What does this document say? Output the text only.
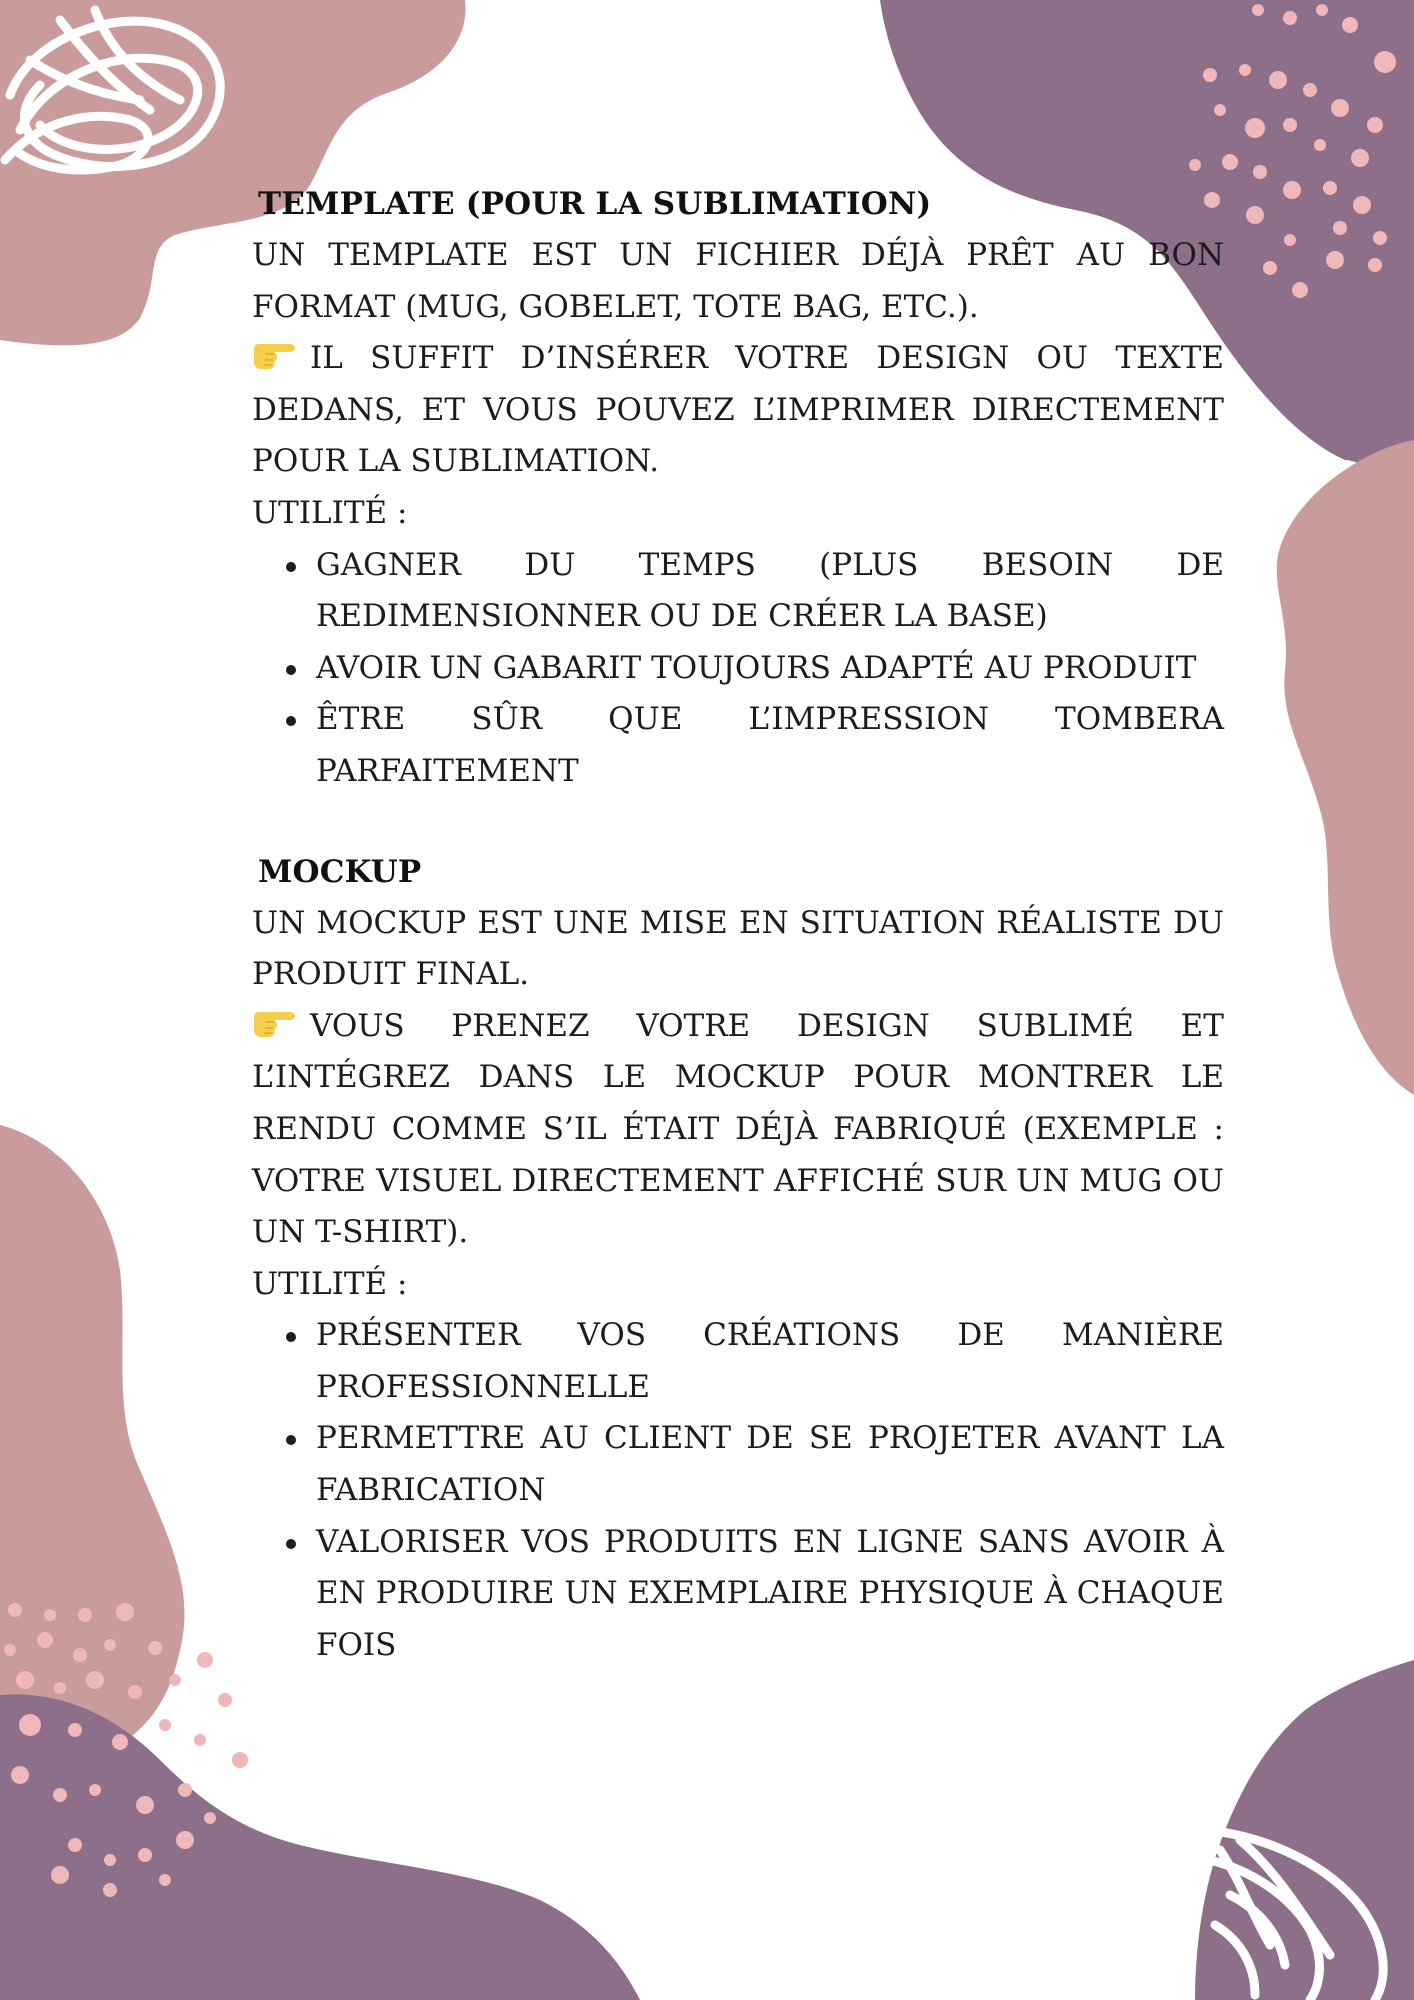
TEMPLATE (POUR LA SUBLIMATION)

UN TEMPLATE EST UN FICHIER DÉJÀ PRÊT AU BON FORMAT (MUG, GOBELET, TOTE BAG, ETC.).

IL SUFFIT D’INSÉRER VOTRE DESIGN OU TEXTE DEDANS, ET VOUS POUVEZ L’IMPRIMER DIRECTEMENT POUR LA SUBLIMATION.

UTILITÉ :

GAGNER DU TEMPS (PLUS BESOIN DE REDIMENSIONNER OU DE CRÉER LA BASE)
AVOIR UN GABARIT TOUJOURS ADAPTÉ AU PRODUIT
ÊTRE SÛR QUE L’IMPRESSION TOMBERA PARFAITEMENT
MOCKUP

UN MOCKUP EST UNE MISE EN SITUATION RÉALISTE DU PRODUIT FINAL.

VOUS PRENEZ VOTRE DESIGN SUBLIMÉ ET L’INTÉGREZ DANS LE MOCKUP POUR MONTRER LE RENDU COMME S’IL ÉTAIT DÉJÀ FABRIQUÉ (EXEMPLE : VOTRE VISUEL DIRECTEMENT AFFICHÉ SUR UN MUG OU UN T-SHIRT).

UTILITÉ :

PRÉSENTER VOS CRÉATIONS DE MANIÈRE PROFESSIONNELLE
PERMETTRE AU CLIENT DE SE PROJETER AVANT LA FABRICATION
VALORISER VOS PRODUITS EN LIGNE SANS AVOIR À EN PRODUIRE UN EXEMPLAIRE PHYSIQUE À CHAQUE FOIS
